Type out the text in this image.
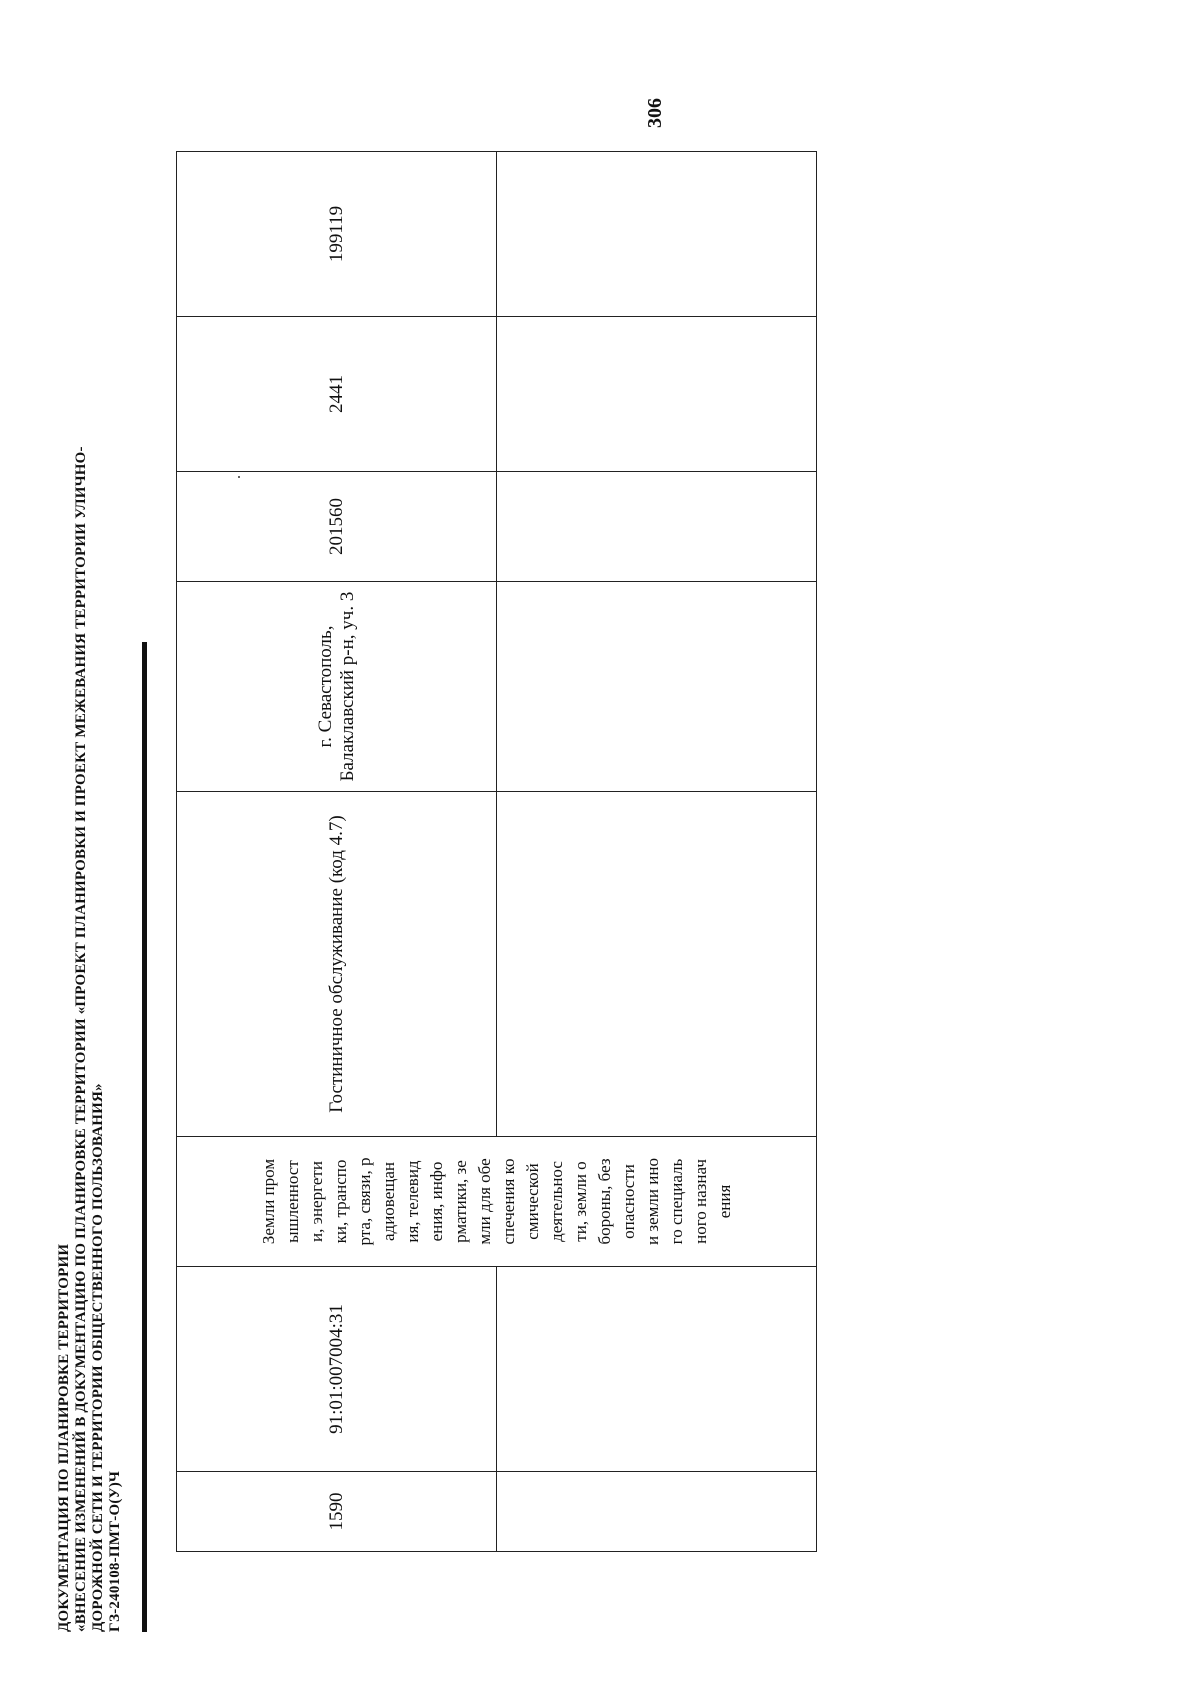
ДОКУМЕНТАЦИЯ ПО ПЛАНИРОВКЕ ТЕРРИТОРИИ «ВНЕСЕНИЕ ИЗМЕНЕНИЙ В ДОКУМЕНТАЦИЮ ПО ПЛАНИРОВКЕ ТЕРРИТОРИИ «ПРОЕКТ ПЛАНИРОВКИ И ПРОЕКТ МЕЖЕВАНИЯ ТЕРРИТОРИИ УЛИЧНО- ДОРОЖНОЙ СЕТИ И ТЕРРИТОРИИ ОБЩЕСТВЕННОГО ПОЛЬЗОВАНИЯ» ГЗ-240108-ПМТ-О(У)Ч
306
1590	91:01:007004:31	Земли промышленности, энергетики, транспорта, связи, радиовещания, телевидения, информатики, земли для обеспечения космической деятельности, земли обороны, безопасности и земли иного специального назначения	Гостиничное обслуживание (код 4.7)	г. Севастополь, Балаклавский р-н, уч. 3	201560	2441	199119
